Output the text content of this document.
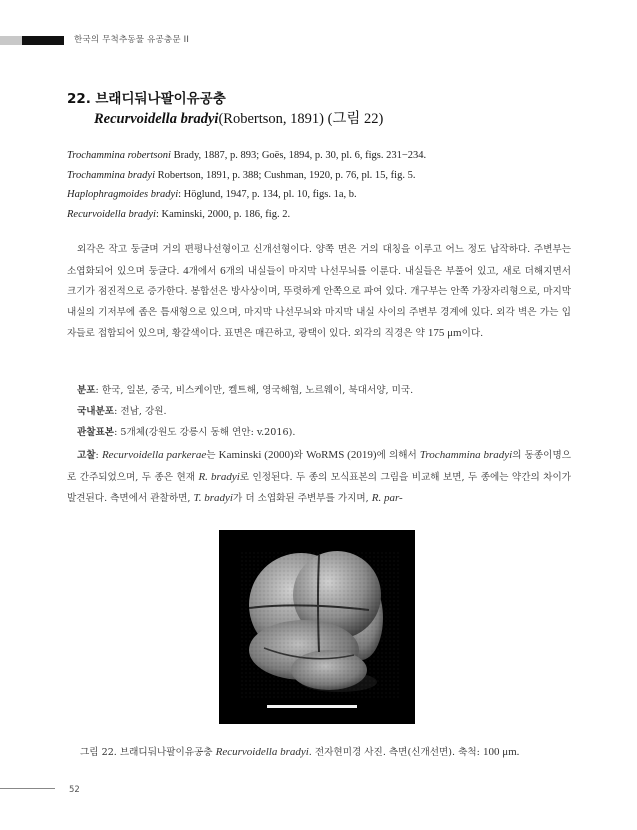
한국의 무척추동물 유공충문 II
22. 브래디둬나팔이유공충
Recurvoidella bradyi(Robertson, 1891) (그림 22)
Trochammina robertsoni Brady, 1887, p. 893; Goës, 1894, p. 30, pl. 6, figs. 231−234.
Trochammina bradyi Robertson, 1891, p. 388; Cushman, 1920, p. 76, pl. 15, fig. 5.
Haplophragmoides bradyi: Höglund, 1947, p. 134, pl. 10, figs. 1a, b.
Recurvoidella bradyi: Kaminski, 2000, p. 186, fig. 2.
외각은 작고 둥글며 거의 편평나선형이고 신개선형이다. 양쪽 면은 거의 대칭을 이루고 어느 정도 납작하다. 주변부는 소엽화되어 있으며 둥글다. 4개에서 6개의 내실들이 마지막 나선무늬를 이룬다. 내실들은 부풀어 있고, 새로 더해지면서 크기가 점진적으로 증가한다. 봉합선은 방사상이며, 뚜렷하게 안쪽으로 파여 있다. 개구부는 안쪽 가장자리형으로, 마지막 내실의 기저부에 좁은 틈새형으로 있으며, 마지막 나선무늬와 마지막 내실 사이의 주변부 경계에 있다. 외각 벽은 가는 입자들로 접합되어 있으며, 황갈색이다. 표면은 매끈하고, 광택이 있다. 외각의 직경은 약 175 μm이다.
분포: 한국, 일본, 중국, 비스케이만, 켈트해, 영국해협, 노르웨이, 북대서양, 미국.
국내분포: 전남, 강원.
관찰표본: 5개체(강원도 강릉시 동해 연안: v.2016).
고찰: Recurvoidella parkerae는 Kaminski (2000)와 WoRMS (2019)에 의해서 Trochammina bradyi의 동종이명으로 간주되었으며, 두 종은 현재 R. bradyi로 인정된다. 두 종의 모식표본의 그림을 비교해 보면, 두 종에는 약간의 차이가 발견된다. 측면에서 관찰하면, T. bradyi가 더 소엽화된 주변부를 가지며, R. par-
그림 22. 브래디둬나팔이유공충 Recurvoidella bradyi. 전자현미경 사진. 측면(신개선면). 축척: 100 μm.
52
